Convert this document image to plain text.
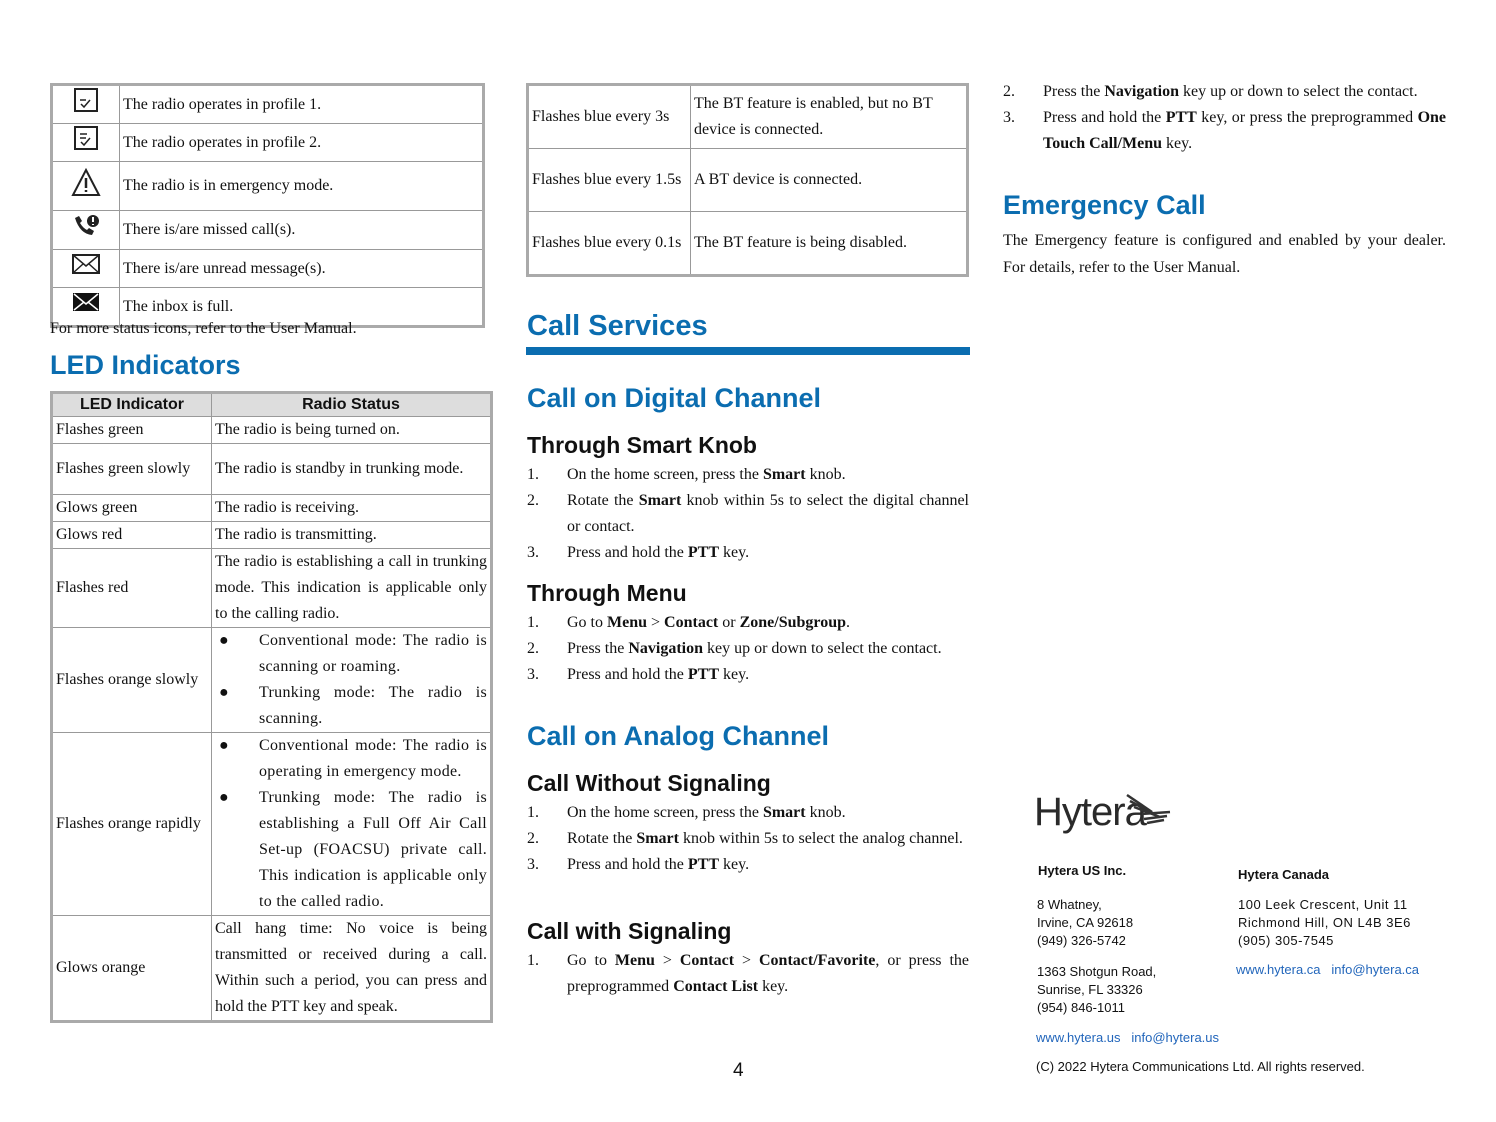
	The radio operates in profile 1.
	The radio operates in profile 2.
	The radio is in emergency mode.
	There is/are missed call(s).
	There is/are unread message(s).
	The inbox is full.
For more status icons, refer to the User Manual.
LED Indicators
LED Indicator	Radio Status
Flashes green	The radio is being turned on.
Flashes green slowly	The radio is standby in trunking mode.
Glows green	The radio is receiving.
Glows red	The radio is transmitting.
Flashes red	The radio is establishing a call in trunking mode. This indication is applicable only to the calling radio.
Flashes orange slowly	● Conventional mode: The radio is scanning or roaming.
● Trunking mode: The radio is scanning.

Flashes orange rapidly	● Conventional mode: The radio is operating in emergency mode.
● Trunking mode: The radio is establishing a Full Off Air Call Set-up (FOACSU) private call. This indication is applicable only to the called radio.

Glows orange	Call hang time: No voice is being transmitted or received during a call. Within such a period, you can press and hold the PTT key and speak.
Flashes blue every 3s	The BT feature is enabled, but no BT device is connected.
Flashes blue every 1.5s	A BT device is connected.
Flashes blue every 0.1s	The BT feature is being disabled.
Call Services
Call on Digital Channel
Through Smart Knob
1.	On the home screen, press the Smart knob.
2.	Rotate the Smart knob within 5s to select the digital channel or contact.
3.	Press and hold the PTT key.
Through Menu
1.	Go to Menu > Contact or Zone/Subgroup.
2.	Press the Navigation key up or down to select the contact.
3.	Press and hold the PTT key.
Call on Analog Channel
Call Without Signaling
1.	On the home screen, press the Smart knob.
2.	Rotate the Smart knob within 5s to select the analog channel.
3.	Press and hold the PTT key.
Call with Signaling
1.	Go to Menu > Contact > Contact/Favorite, or press the preprogrammed Contact List key.
4
2.	Press the Navigation key up or down to select the contact.
3.	Press and hold the PTT key, or press the preprogrammed One Touch Call/Menu key.
Emergency Call
The Emergency feature is configured and enabled by your dealer. For details, refer to the User Manual.
Hytera
Hytera US Inc.
8 Whatney,
Irvine, CA 92618
(949) 326-5742
1363 Shotgun Road,
Sunrise, FL 33326
(954) 846-1011
www.hytera.us info@hytera.us
Hytera Canada
100 Leek Crescent, Unit 11
Richmond Hill, ON L4B 3E6
(905) 305-7545
www.hytera.ca info@hytera.ca
(C) 2022 Hytera Communications Ltd. All rights reserved.
